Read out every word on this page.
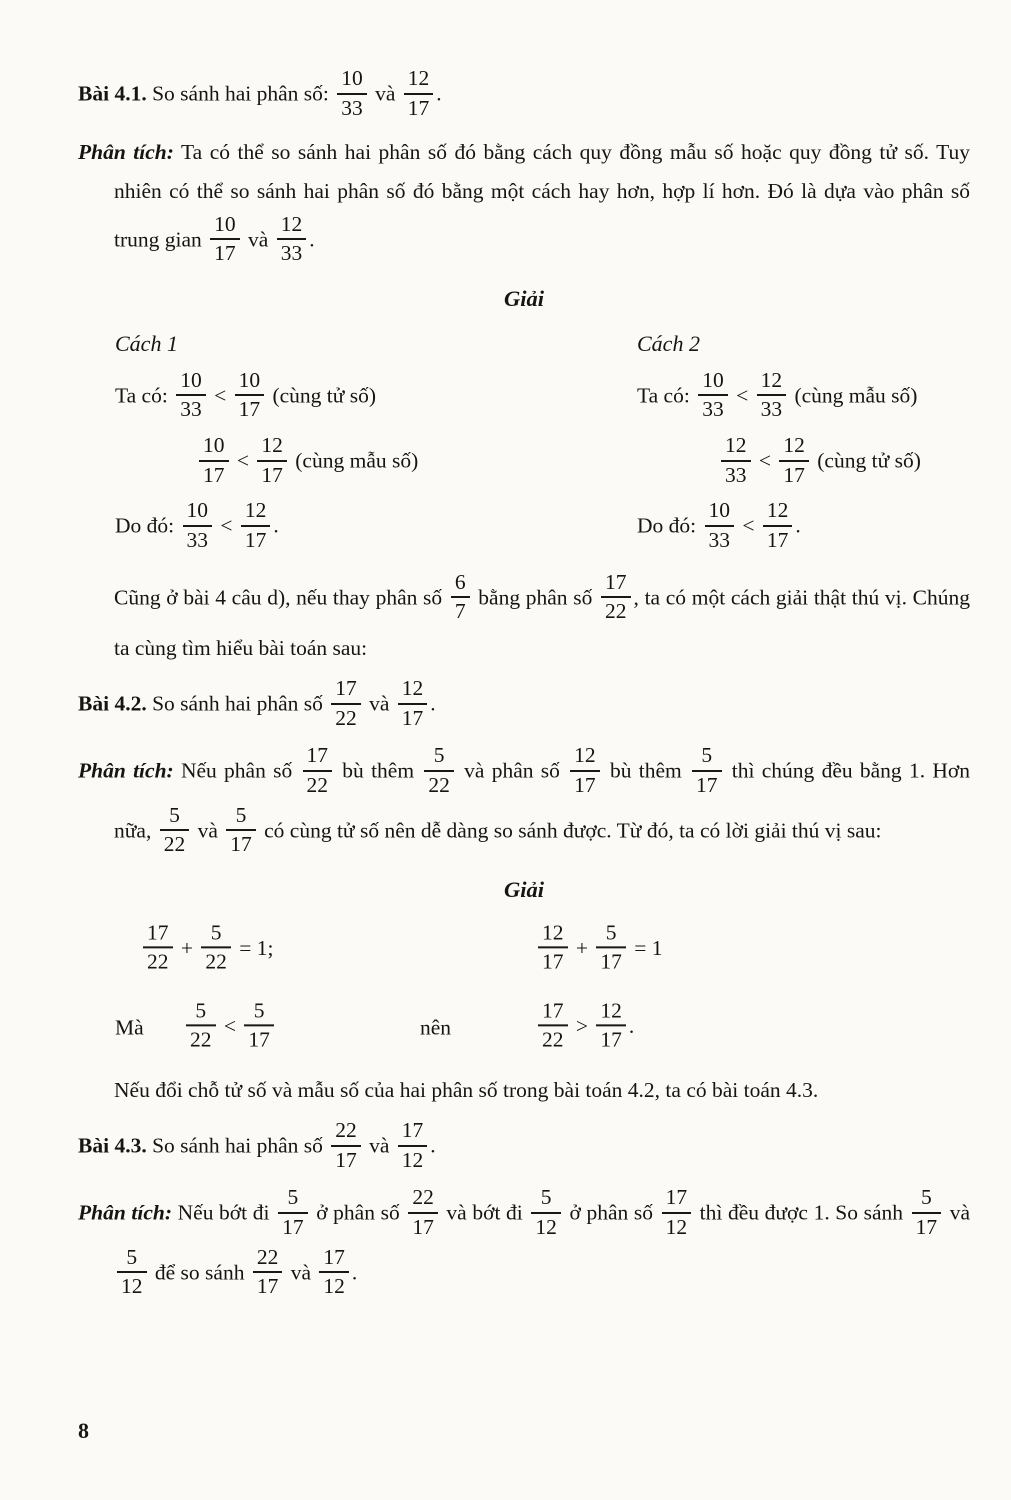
Bài 4.1. So sánh hai phân số: $\frac{10}{33}$ và $\frac{12}{17}$ .

Phân tích: Ta có thể so sánh hai phân số đó bằng cách quy đồng mẫu số hoặc quy đồng tử số. Tuy nhiên có thể so sánh hai phân số đó bằng một cách hay hơn, hợp lí hơn. Đó là dựa vào phân số trung gian $\frac{10}{17}$ và $\frac{12}{33}$ .

Giải

Cách 1

Ta có: $\frac{10}{33} < \frac{10}{17}$ (cùng tử số)

$\frac{10}{17} < \frac{12}{17}$ (cùng mẫu số)

Do đó: $\frac{10}{33} < \frac{12}{17}$ .

Cách 2

Ta có: $\frac{10}{33} < \frac{12}{33}$ (cùng mẫu số)

$\frac{12}{33} < \frac{12}{17}$ (cùng tử số)

Do đó: $\frac{10}{33} < \frac{12}{17}$ .

Cũng ở bài 4 câu d), nếu thay phân số $\frac{6}{7}$ bằng phân số $\frac{17}{22}$ , ta có một cách giải thật thú vị. Chúng ta cùng tìm hiểu bài toán sau:

Bài 4.2. So sánh hai phân số $\frac{17}{22}$ và $\frac{12}{17}$ .

Phân tích: Nếu phân số $\frac{17}{22}$ bù thêm $\frac{5}{22}$ và phân số $\frac{12}{17}$ bù thêm $\frac{5}{17}$ thì chúng đều bằng 1. Hơn nữa, $\frac{5}{22}$ và $\frac{5}{17}$ có cùng tử số nên dễ dàng so sánh được. Từ đó, ta có lời giải thú vị sau:

Giải

$\frac{17}{22} + \frac{5}{22} = 1$;	$\frac{12}{17} + \frac{5}{17} = 1$
Mà $\frac{5}{22} < \frac{5}{17}$	nên	$\frac{17}{22} > \frac{12}{17}$ .

Nếu đổi chỗ tử số và mẫu số của hai phân số trong bài toán 4.2, ta có bài toán 4.3.

Bài 4.3. So sánh hai phân số $\frac{22}{17}$ và $\frac{17}{12}$ .

Phân tích: Nếu bớt đi $\frac{5}{17}$ ở phân số $\frac{22}{17}$ và bớt đi $\frac{5}{12}$ ở phân số $\frac{17}{12}$ thì đều được 1. So sánh $\frac{5}{17}$ và
$\frac{5}{12}$ để so sánh $\frac{22}{17}$ và $\frac{17}{12}$ .

8
